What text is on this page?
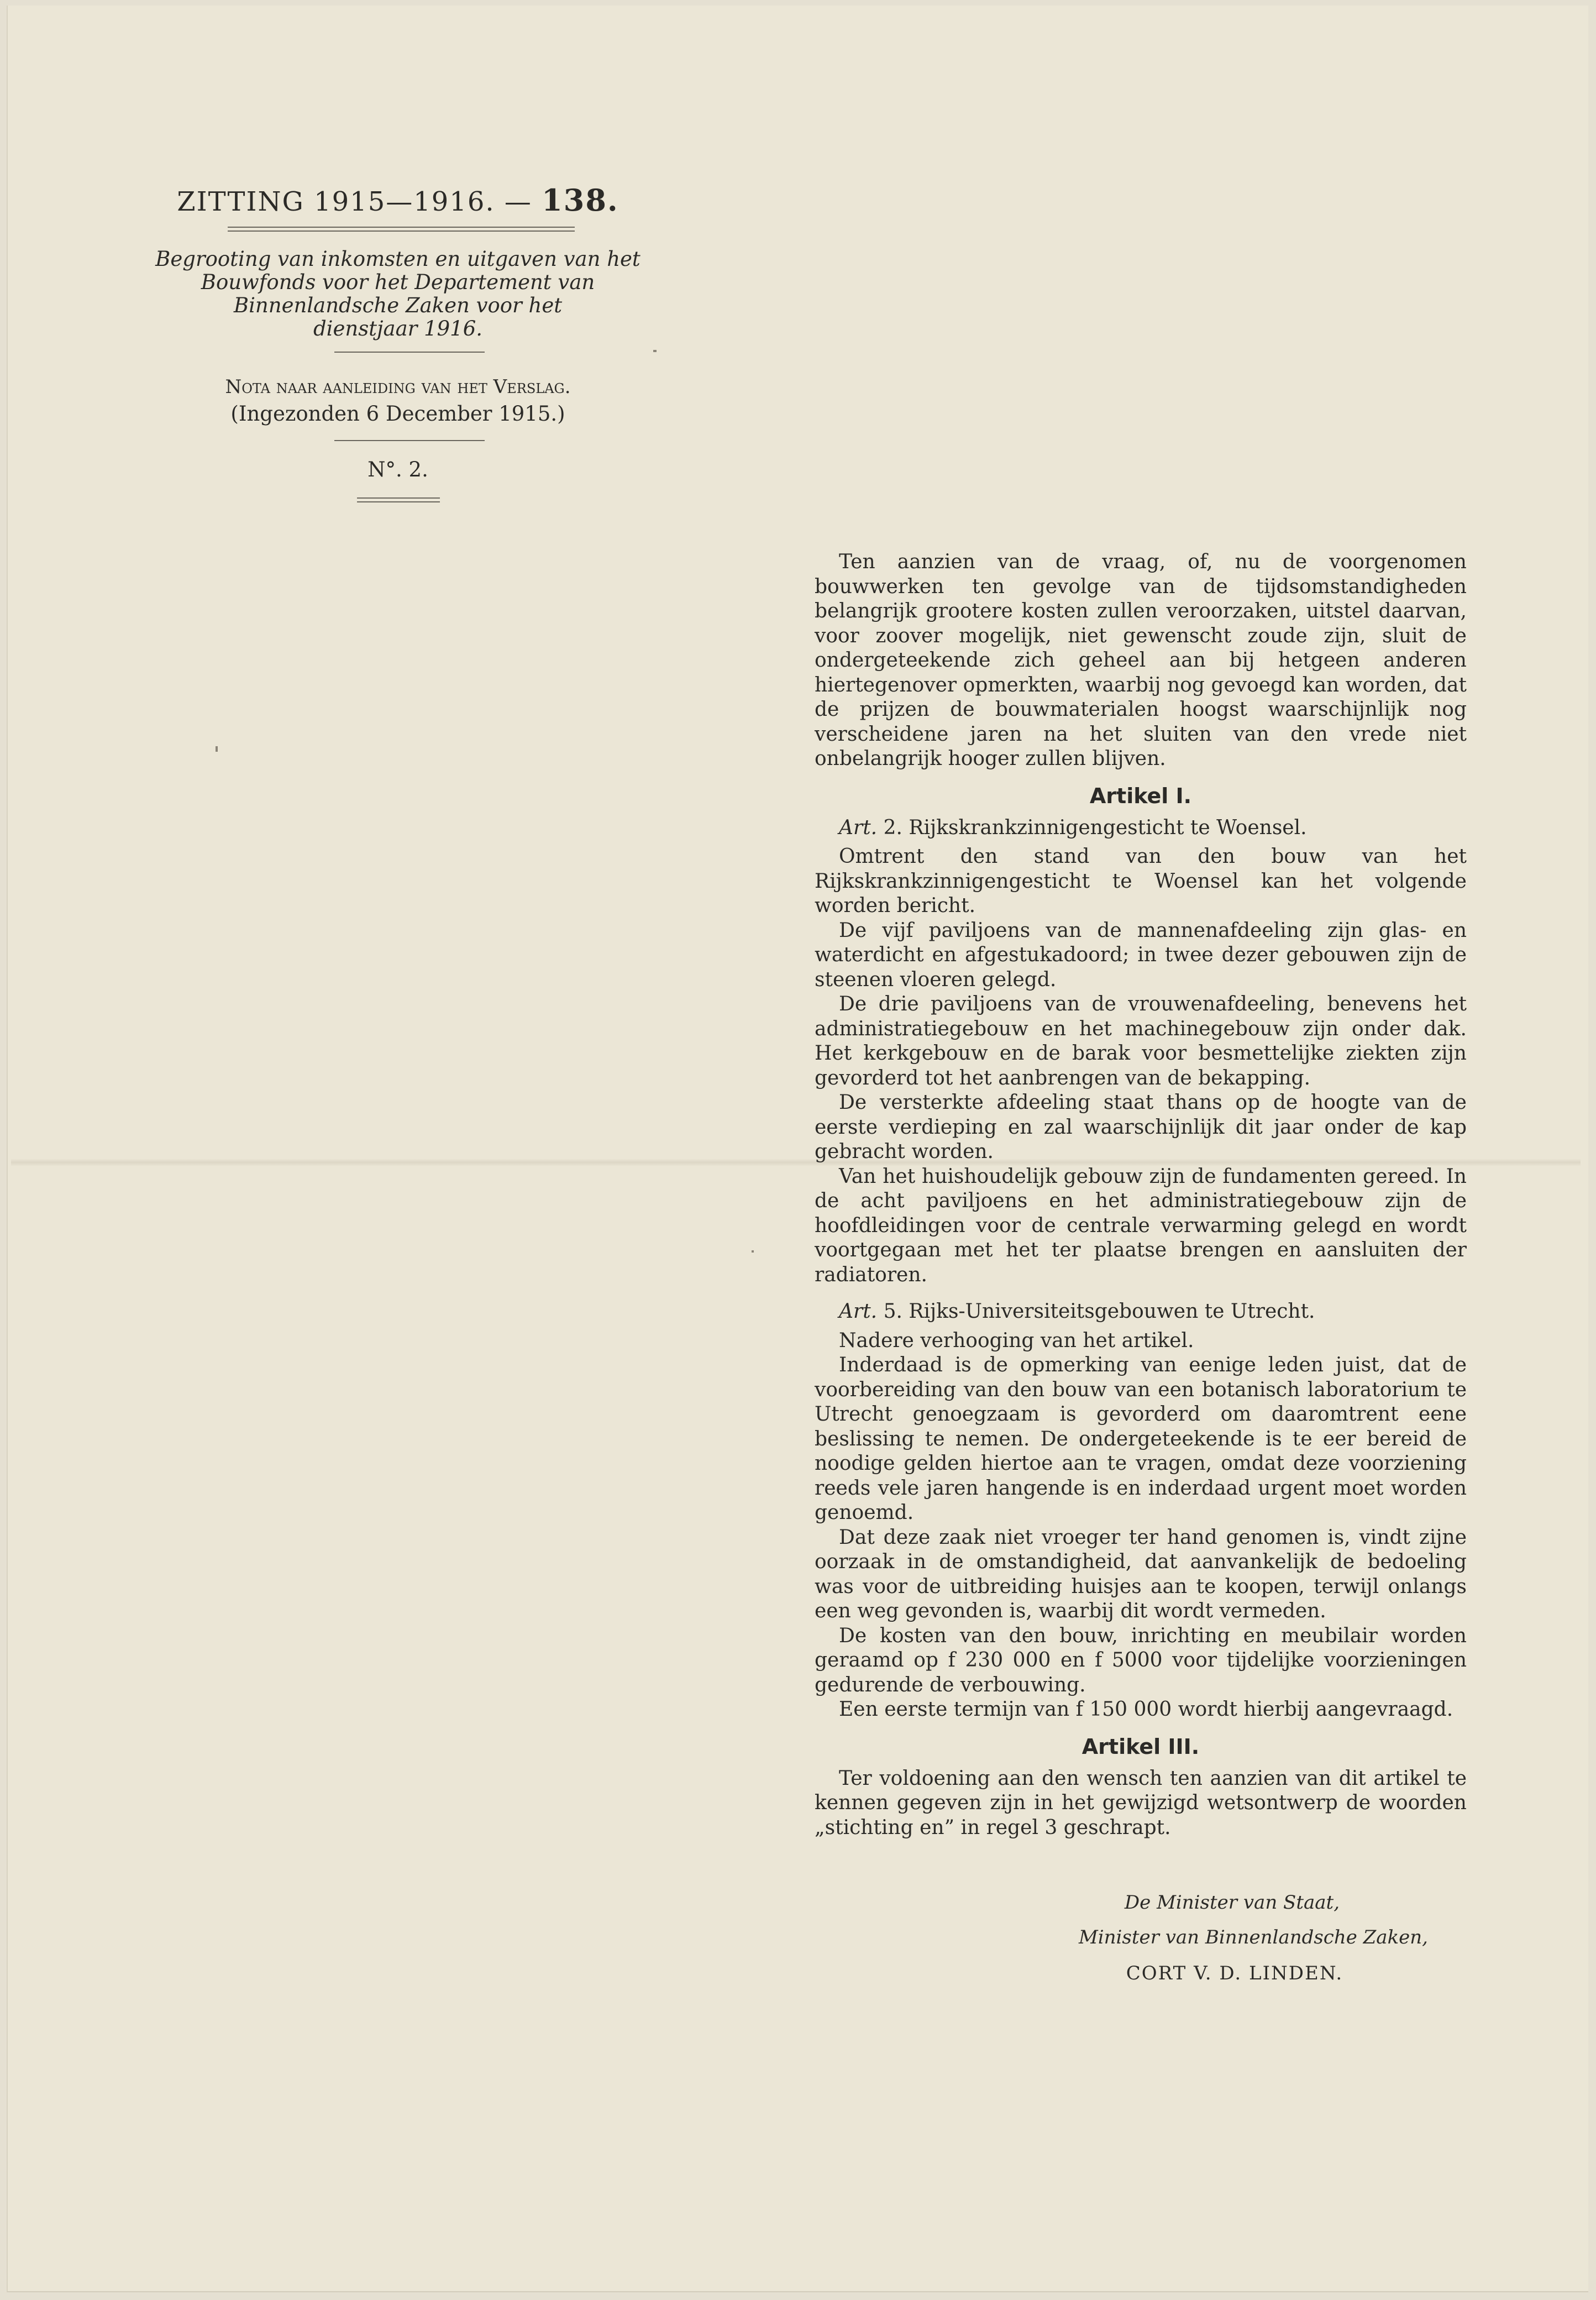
ZITTING 1915—1916. — 138.
Begrooting van inkomsten en uitgaven van het
Bouwfonds voor het Departement van
Binnenlandsche Zaken voor het
dienstjaar 1916.
Nota naar aanleiding van het Verslag.
(Ingezonden 6 December 1915.)
N°. 2.

Ten aanzien van de vraag, of, nu de voorgenomen bouwwerken ten gevolge van de tijdsomstandigheden belangrijk grootere kosten zullen veroorzaken, uitstel daarvan, voor zoover mogelijk, niet gewenscht zoude zijn, sluit de ondergeteekende zich geheel aan bij hetgeen anderen hiertegenover opmerkten, waarbij nog gevoegd kan worden, dat de prijzen de bouwmaterialen hoogst waarschijnlijk nog verscheidene jaren na het sluiten van den vrede niet onbelangrijk hooger zullen blijven.

Artikel I.

Art. 2. Rijkskrankzinnigengesticht te Woensel.

Omtrent den stand van den bouw van het Rijkskrankzinnigengesticht te Woensel kan het volgende worden bericht.

De vijf paviljoens van de mannenafdeeling zijn glas- en waterdicht en afgestukadoord; in twee dezer gebouwen zijn de steenen vloeren gelegd.

De drie paviljoens van de vrouwenafdeeling, benevens het administratiegebouw en het machinegebouw zijn onder dak. Het kerkgebouw en de barak voor besmettelijke ziekten zijn gevorderd tot het aanbrengen van de bekapping.

De versterkte afdeeling staat thans op de hoogte van de eerste verdieping en zal waarschijnlijk dit jaar onder de kap gebracht worden.

Van het huishoudelijk gebouw zijn de fundamenten gereed. In de acht paviljoens en het administratiegebouw zijn de hoofdleidingen voor de centrale verwarming gelegd en wordt voortgegaan met het ter plaatse brengen en aansluiten der radiatoren.

Art. 5. Rijks-Universiteitsgebouwen te Utrecht.

Nadere verhooging van het artikel.

Inderdaad is de opmerking van eenige leden juist, dat de voorbereiding van den bouw van een botanisch laboratorium te Utrecht genoegzaam is gevorderd om daaromtrent eene beslissing te nemen. De ondergeteekende is te eer bereid de noodige gelden hiertoe aan te vragen, omdat deze voorziening reeds vele jaren hangende is en inderdaad urgent moet worden genoemd.

Dat deze zaak niet vroeger ter hand genomen is, vindt zijne oorzaak in de omstandigheid, dat aanvankelijk de bedoeling was voor de uitbreiding huisjes aan te koopen, terwijl onlangs een weg gevonden is, waarbij dit wordt vermeden.

De kosten van den bouw, inrichting en meubilair worden geraamd op f 230 000 en f 5000 voor tijdelijke voorzieningen gedurende de verbouwing.

Een eerste termijn van f 150 000 wordt hierbij aangevraagd.

Artikel III.

Ter voldoening aan den wensch ten aanzien van dit artikel te kennen gegeven zijn in het gewijzigd wetsontwerp de woorden „stichting en” in regel 3 geschrapt.

De Minister van Staat,
Minister van Binnenlandsche Zaken,
CORT V. D. LINDEN.
